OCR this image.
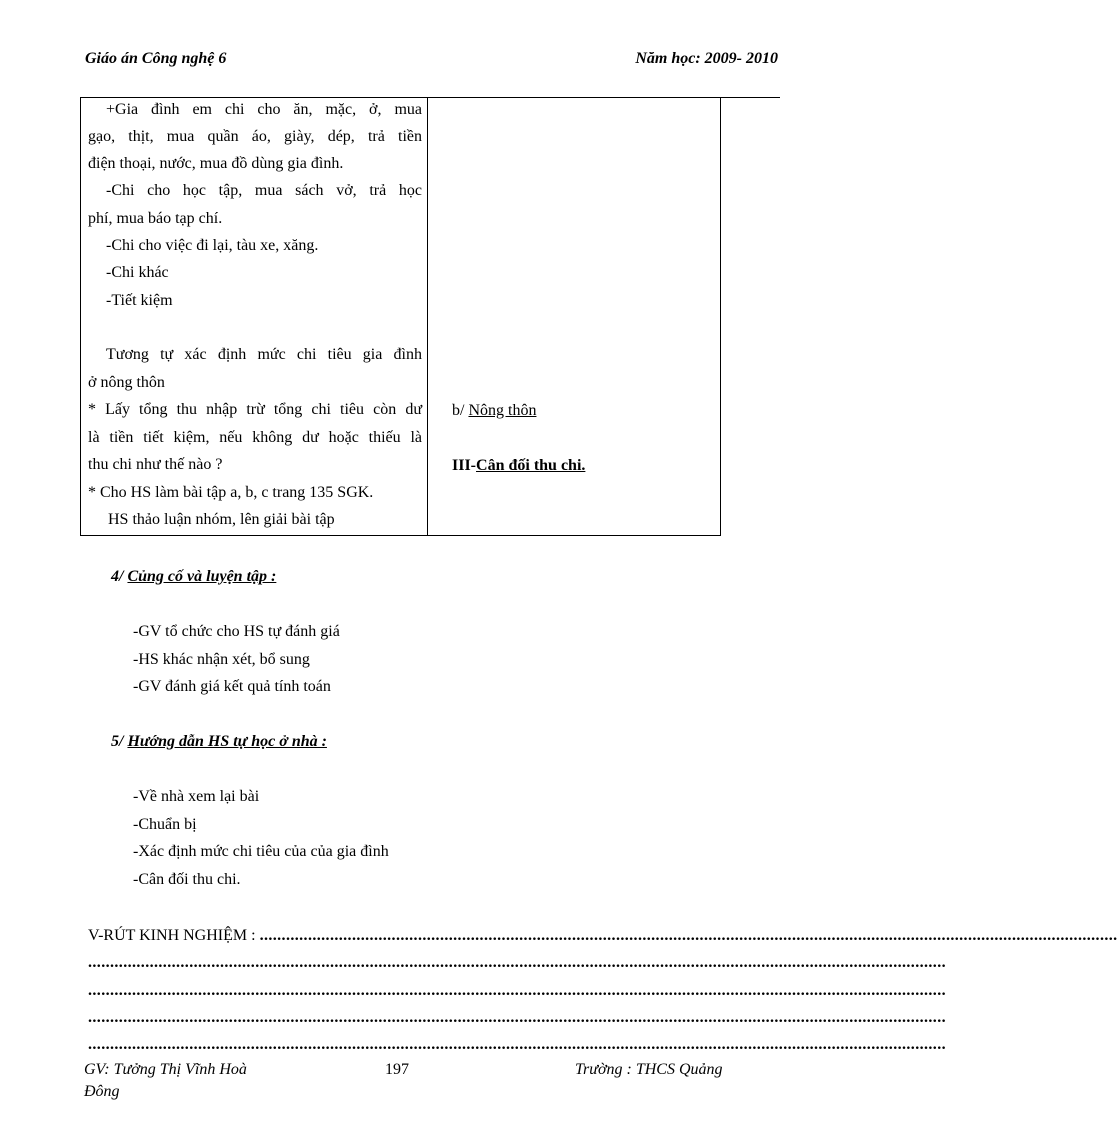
Giáo án Công nghệ 6	Năm học: 2009- 2010
+Gia đình em chi cho ăn, mặc, ở, mua
gạo, thịt, mua quần áo, giày, dép, trả tiền
điện thoại, nước, mua đồ dùng gia đình.
-Chi cho học tập, mua sách vở, trả học
phí, mua báo tạp chí.
-Chi cho việc đi lại, tàu xe, xăng.
-Chi khác
-Tiết kiệm
Tương tự xác định mức chi tiêu gia đình
ở nông thôn
* Lấy tổng thu nhập trừ tổng chi tiêu còn dư
là tiền tiết kiệm, nếu không dư hoặc thiếu là
thu chi như thế nào ?
* Cho HS làm bài tập a, b, c trang 135 SGK.
HS thảo luận nhóm, lên giải bài tập
b/ Nông thôn
III-Cân đối thu chi.
4/ Củng cố và luyện tập :
-GV tổ chức cho HS tự đánh giá
-HS khác nhận xét, bổ sung
-GV đánh giá kết quả tính toán
5/ Hướng dẫn HS tự học ở nhà :
-Về nhà xem lại bài
-Chuẩn bị
-Xác định mức chi tiêu của của gia đình
-Cân đối thu chi.
V-RÚT KINH NGHIỆM : ...................................................................................................................................................................................................
...................................................................................................................................................................................................
...................................................................................................................................................................................................
...................................................................................................................................................................................................
...................................................................................................................................................................................................
GV: Tưởng Thị Vĩnh Hoà
Đông
197	Trường : THCS Quảng
